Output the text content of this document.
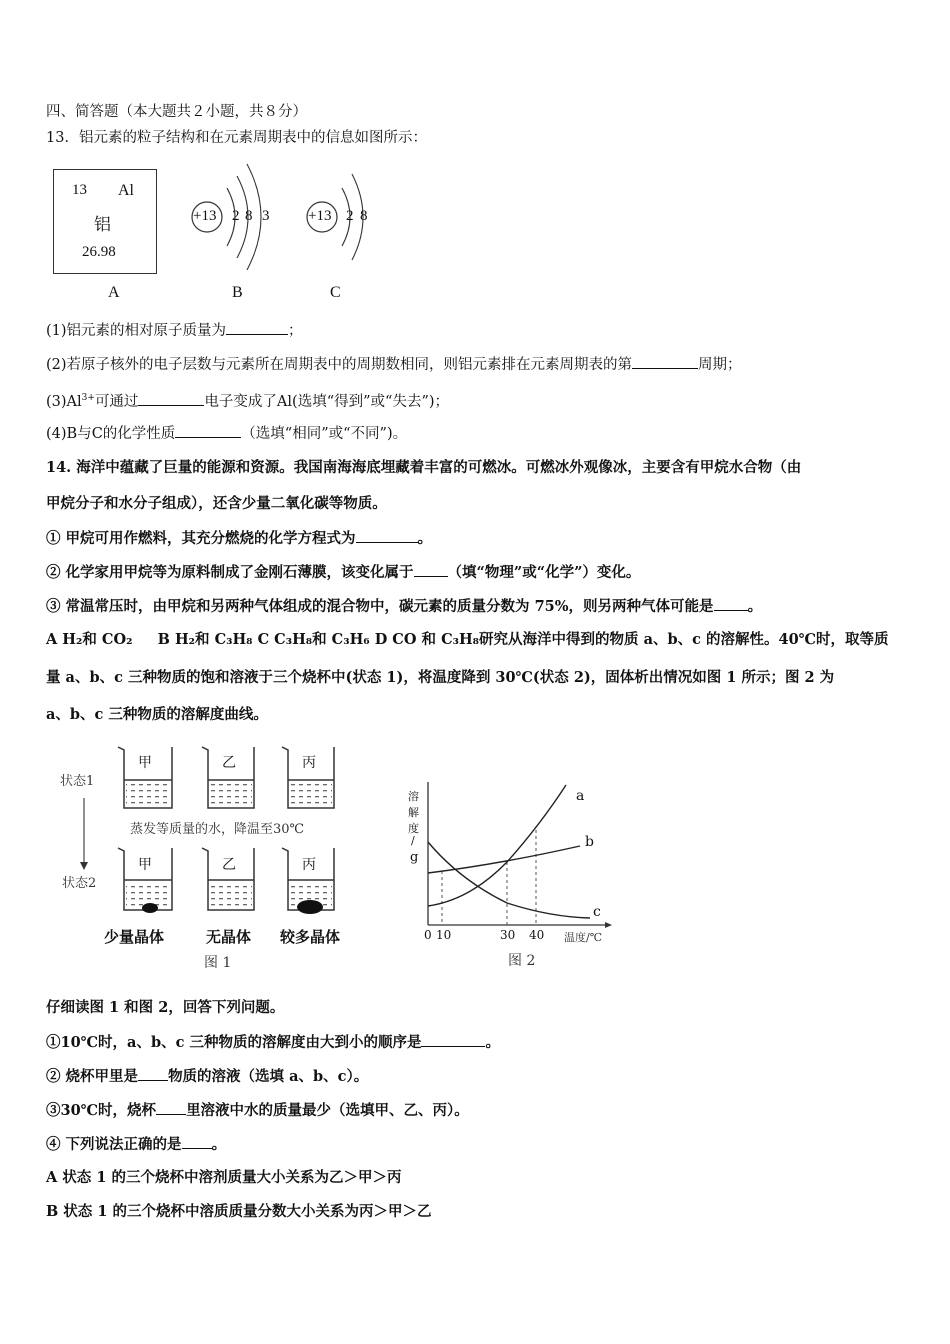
四、简答题（本大题共２小题，共８分）
13．铝元素的粒子结构和在元素周期表中的信息如图所示：
13 Al
铝
26.98
A
+13 2 8 3
B
+13 2 8
C
(1)铝元素的相对原子质量为	；
(2)若原子核外的电子层数与元素所在周期表中的周期数相同，则铝元素排在元素周期表的第	周期；
$(3)Al^{3+}$可通过	电子变成了Al(选填“得到”或“失去”)；
(4)B与C的化学性质	（选填“相同”或“不同”)。
14. 海洋中蕴藏了巨量的能源和资源。我国南海海底埋藏着丰富的可燃冰。可燃冰外观像冰，主要含有甲烷水合物（由
甲烷分子和水分子组成），还含少量二氧化碳等物质。
① 甲烷可用作燃料，其充分燃烧的化学方程式为	。
② 化学家用甲烷等为原料制成了金刚石薄膜，该变化属于 （填“物理”或“化学”）变化。
③ 常温常压时，由甲烷和另两种气体组成的混合物中，碳元素的质量分数为 75%，则另两种气体可能是 。
A H₂和 CO₂ B H₂和 C₃H₈ C C₃H₈和 C₃H₆ D CO 和 C₃H₈研究从海洋中得到的物质 a、b、c 的溶解性。40℃时，取等质
量 a、b、c 三种物质的饱和溶液于三个烧杯中(状态 1)，将温度降到 30℃(状态 2)，固体析出情况如图 1 所示；图 2 为
a、b、c 三种物质的溶解度曲线。
状态1
状态2
甲	乙	丙
蒸发等质量的水，降温至30℃
甲	乙	丙
少量晶体	无晶体 较多晶体
图 1
溶
解
度
/
g
a
b
c
0 10	30 40 温度/℃
图 2
仔细读图 1 和图 2，回答下列问题。
①10℃时，a、b、c 三种物质的溶解度由大到小的顺序是	。
② 烧杯甲里是 物质的溶液（选填 a、b、c）。
③30℃时，烧杯 里溶液中水的质量最少（选填甲、乙、丙）。
④ 下列说法正确的是 。
A 状态 1 的三个烧杯中溶剂质量大小关系为乙＞甲＞丙
B 状态 1 的三个烧杯中溶质质量分数大小关系为丙＞甲＞乙
